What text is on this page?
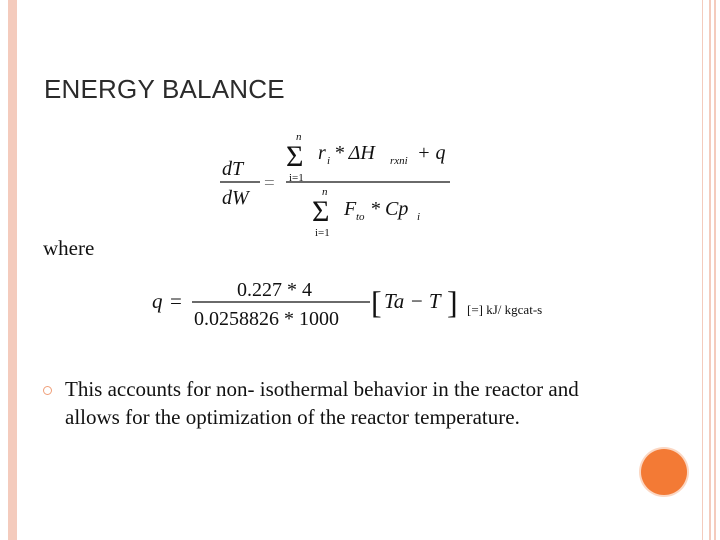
ENERGY BALANCE
dT
dW
=
n
Σ
i=1
r i * ΔH rxni + q
n
Σ
i=1
F to * Cp i
where
q =	0.227 * 4
0.0258826 * 1000 [ Ta − T ] [=] kJ/ kgcat-s
This accounts for non- isothermal behavior in the reactor and allows for the optimization of the reactor temperature.
